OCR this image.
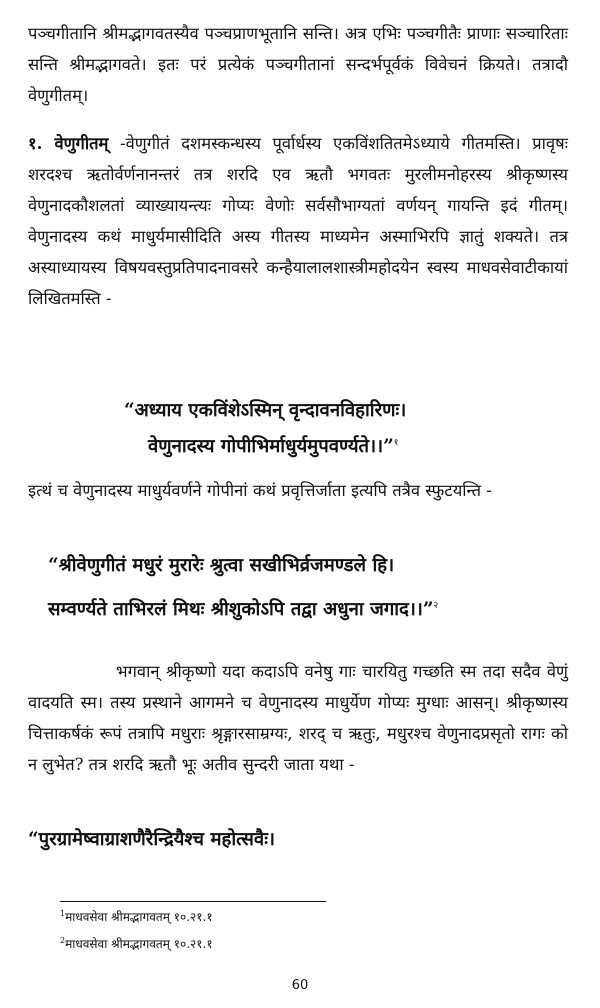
पञ्चगीतानि श्रीमद्भागवतस्यैव पञ्चप्राणभूतानि सन्ति। अत्र एभिः पञ्चगीतैः प्राणाः सञ्चारिताः सन्ति श्रीमद्भागवते। इतः परं प्रत्येकं पञ्चगीतानां सन्दर्भपूर्वकं विवेचनं क्रियते। तत्रादौ वेणुगीतम्।

१. वेणुगीतम् -वेणुगीतं दशमस्कन्धस्य पूर्वार्धस्य एकविंशतितमेऽध्याये गीतमस्ति। प्रावृषः शरदश्च ऋतोर्वर्णनानन्तरं तत्र शरदि एव ऋतौ भगवतः मुरलीमनोहरस्य श्रीकृष्णस्य वेणुनादकौशलतां व्याख्यायन्त्यः गोप्यः वेणोः सर्वसौभाग्यतां वर्णयन् गायन्ति इदं गीतम्। वेणुनादस्य कथं माधुर्यमासीदिति अस्य गीतस्य माध्यमेन अस्माभिरपि ज्ञातुं शक्यते। तत्र अस्याध्यायस्य विषयवस्तुप्रतिपादनावसरे कन्हैयालालशास्त्रीमहोदयेन स्वस्य माधवसेवाटीकायां लिखितमस्ति -

“अध्याय एकविंशेऽस्मिन् वृन्दावनविहारिणः।
वेणुनादस्य गोपीभिर्माधुर्यमुपवर्ण्यते।।”$^१$

इत्थं च वेणुनादस्य माधुर्यवर्णने गोपीनां कथं प्रवृत्तिर्जाता इत्यपि तत्रैव स्फुटयन्ति -

“श्रीवेणुगीतं मधुरं मुरारेः श्रुत्वा सखीभिर्व्रजमण्डले हि।
सम्वर्ण्यते ताभिरलं मिथः श्रीशुकोऽपि तद्वा अधुना जगाद।।”$^२$

भगवान् श्रीकृष्णो यदा कदाऽपि वनेषु गाः चारयितु गच्छति स्म तदा सदैव वेणुं वादयति स्म। तस्य प्रस्थाने आगमने च वेणुनादस्य माधुर्येण गोप्यः मुग्धाः आसन्। श्रीकृष्णस्य चित्ताकर्षकं रूपं तत्रापि मधुराः श्रृङ्गारसाम्रग्यः, शरद् च ऋतुः, मधुरश्च वेणुनादप्रसृतो रागः को न लुभेत? तत्र शरदि ऋतौ भूः अतीव सुन्दरी जाता यथा -

“पुरग्रामेष्वाग्राशणैरैन्द्रियैश्च महोत्सवैः।
$^1$माधवसेवा श्रीमद्भागवतम् १०.२१.१
$^2$माधवसेवा श्रीमद्भागवतम् १०.२१.१
60
